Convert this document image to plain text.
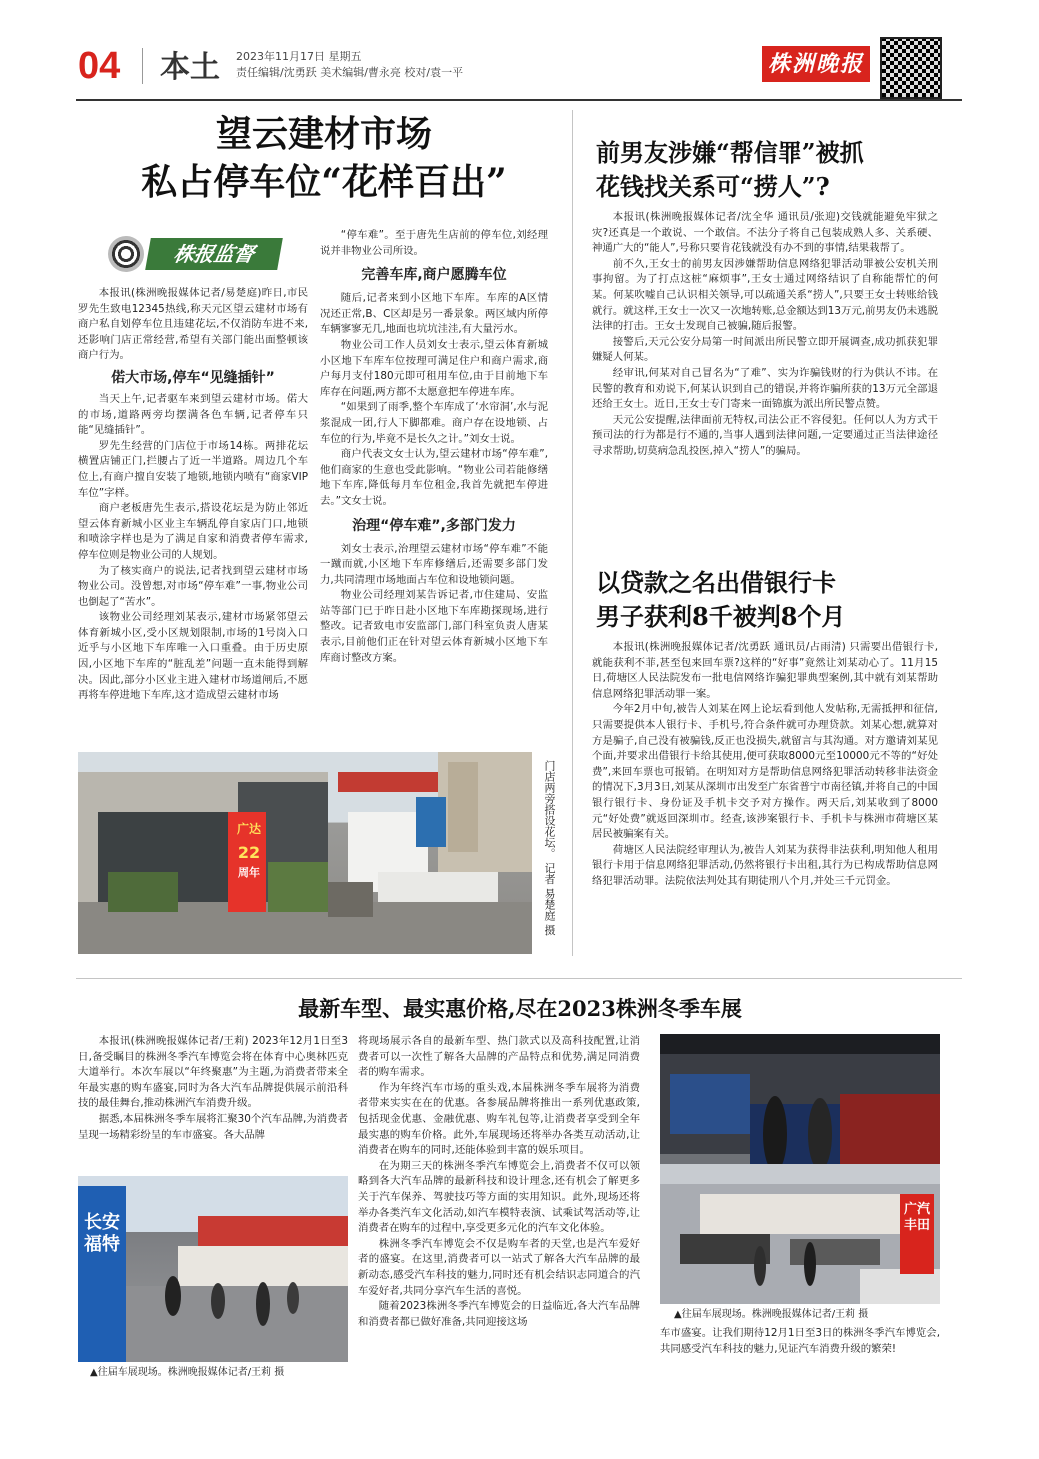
04 本土 2023年11月17日 星期五
责任编辑/沈勇跃 美术编辑/曹永亮 校对/袁一平	株洲晚报
望云建材市场
私占停车位“花样百出”
株报监督

本报讯(株洲晚报媒体记者/易楚庭)昨日,市民罗先生致电12345热线,称天元区望云建材市场有商户私自划停车位且违建花坛,不仅消防车进不来,还影响门店正常经营,希望有关部门能出面整顿该商户行为。

偌大市场,停车“见缝插针”

当天上午,记者驱车来到望云建材市场。偌大的市场,道路两旁均摆满各色车辆,记者停车只能“见缝插针”。

罗先生经营的门店位于市场14栋。两排花坛横置店铺正门,拦腰占了近一半道路。周边几个车位上,有商户擅自安装了地锁,地锁内喷有“商家VIP车位”字样。

商户老板唐先生表示,搭设花坛是为防止邻近望云体育新城小区业主车辆乱停自家店门口,地锁和喷涂字样也是为了满足自家和消费者停车需求,停车位则是物业公司的人规划。

为了核实商户的说法,记者找到望云建材市场物业公司。没曾想,对市场“停车难”一事,物业公司也倒起了“苦水”。

该物业公司经理刘某表示,建材市场紧邻望云体育新城小区,受小区规划限制,市场的1号岗入口近乎与小区地下车库唯一入口重叠。由于历史原因,小区地下车库的“脏乱差”问题一直未能得到解决。因此,部分小区业主进入建材市场道闸后,不愿再将车停进地下车库,这才造成望云建材市场

“停车难”。至于唐先生店前的停车位,刘经理说并非物业公司所设。

完善车库,商户愿腾车位

随后,记者来到小区地下车库。车库的A区情况还正常,B、C区却是另一番景象。两区域内所停车辆寥寥无几,地面也坑坑洼洼,有大量污水。

物业公司工作人员刘女士表示,望云体育新城小区地下车库车位按理可满足住户和商户需求,商户每月支付180元即可租用车位,由于目前地下车库存在问题,两方都不太愿意把车停进车库。

“如果到了雨季,整个车库成了‘水帘洞’,水与泥浆混成一团,行人下脚都难。商户存在设地锁、占车位的行为,毕竟不是长久之计。”刘女士说。

商户代表文女士认为,望云建材市场“停车难”,他们商家的生意也受此影响。“物业公司若能修缮地下车库,降低每月车位租金,我首先就把车停进去。”文女士说。

治理“停车难”,多部门发力

刘女士表示,治理望云建材市场“停车难”不能一蹴而就,小区地下车库修缮后,还需要多部门发力,共同清理市场地面占车位和设地锁问题。

物业公司经理刘某告诉记者,市住建局、安监站等部门已于昨日赴小区地下车库勘探现场,进行整改。记者致电市安监部门,部门科室负责人唐某表示,目前他们正在针对望云体育新城小区地下车库商讨整改方案。

广达
22
周年	门店两旁搭设花坛。 记者 易楚庭 摄
前男友涉嫌“帮信罪”被抓
花钱找关系可“捞人”?

本报讯(株洲晚报媒体记者/沈全华 通讯员/张迎)交钱就能避免牢狱之灾?还真是一个敢说、一个敢信。不法分子将自己包装成熟人多、关系硬、神通广大的“能人”,号称只要肯花钱就没有办不到的事情,结果栽帮了。

前不久,王女士的前男友因涉嫌帮助信息网络犯罪活动罪被公安机关刑事拘留。为了打点这桩“麻烦事”,王女士通过网络结识了自称能帮忙的何某。何某吹嘘自己认识相关领导,可以疏通关系“捞人”,只要王女士转账给钱就行。就这样,王女士一次又一次地转账,总金额达到13万元,前男友仍未逃脱法律的打击。王女士发现自己被骗,随后报警。

接警后,天元公安分局第一时间派出所民警立即开展调查,成功抓获犯罪嫌疑人何某。

经审讯,何某对自己冒名为“了难”、实为诈骗钱财的行为供认不讳。在民警的教育和劝说下,何某认识到自己的错误,并将诈骗所获的13万元全部退还给王女士。近日,王女士专门寄来一面锦旗为派出所民警点赞。

天元公安提醒,法律面前无特权,司法公正不容侵犯。任何以人为方式干预司法的行为都是行不通的,当事人遇到法律问题,一定要通过正当法律途径寻求帮助,切莫病急乱投医,掉入“捞人”的骗局。

以贷款之名出借银行卡
男子获利8千被判8个月

本报讯(株洲晚报媒体记者/沈勇跃 通讯员/占雨清) 只需要出借银行卡,就能获利不菲,甚至包来回车票?这样的“好事”竟然让刘某动心了。11月15日,荷塘区人民法院发布一批电信网络诈骗犯罪典型案例,其中就有刘某帮助信息网络犯罪活动罪一案。

今年2月中旬,被告人刘某在网上论坛看到他人发帖称,无需抵押和征信,只需要提供本人银行卡、手机号,符合条件就可办理贷款。刘某心想,就算对方是骗子,自己没有被骗钱,反正也没损失,就留言与其沟通。对方邀请刘某见个面,并要求出借银行卡给其使用,便可获取8000元至10000元不等的“好处费”,来回车票也可报销。在明知对方是帮助信息网络犯罪活动转移非法资金的情况下,3月3日,刘某从深圳市出发至广东省普宁市南径镇,并将自己的中国银行银行卡、身份证及手机卡交予对方操作。两天后,刘某收到了8000元“好处费”就返回深圳市。经查,该涉案银行卡、手机卡与株洲市荷塘区某居民被骗案有关。

荷塘区人民法院经审理认为,被告人刘某为获得非法获利,明知他人租用银行卡用于信息网络犯罪活动,仍然将银行卡出租,其行为已构成帮助信息网络犯罪活动罪。法院依法判处其有期徒刑八个月,并处三千元罚金。

最新车型、最实惠价格,尽在2023株洲冬季车展

本报讯(株洲晚报媒体记者/王莉) 2023年12月1日至3日,备受瞩目的株洲冬季汽车博览会将在体育中心奥林匹克大道举行。本次车展以“年终聚惠”为主题,为消费者带来全年最实惠的购车盛宴,同时为各大汽车品牌提供展示前沿科技的最佳舞台,推动株洲汽车消费升级。

据悉,本届株洲冬季车展将汇聚30个汽车品牌,为消费者呈现一场精彩纷呈的车市盛宴。各大品牌

长安福特
▲往届车展现场。株洲晚报媒体记者/王莉 摄

将现场展示各自的最新车型、热门款式以及高科技配置,让消费者可以一次性了解各大品牌的产品特点和优势,满足同消费者的购车需求。

作为年终汽车市场的重头戏,本届株洲冬季车展将为消费者带来实实在在的优惠。各参展品牌将推出一系列优惠政策,包括现金优惠、金融优惠、购车礼包等,让消费者享受到全年最实惠的购车价格。此外,车展现场还将举办各类互动活动,让消费者在购车的同时,还能体验到丰富的娱乐项目。

在为期三天的株洲冬季汽车博览会上,消费者不仅可以领略到各大汽车品牌的最新科技和设计理念,还有机会了解更多关于汽车保养、驾驶技巧等方面的实用知识。此外,现场还将举办各类汽车文化活动,如汽车模特表演、试乘试驾活动等,让消费者在购车的过程中,享受更多元化的汽车文化体验。

株洲冬季汽车博览会不仅是购车者的天堂,也是汽车爱好者的盛宴。在这里,消费者可以一站式了解各大汽车品牌的最新动态,感受汽车科技的魅力,同时还有机会结识志同道合的汽车爱好者,共同分享汽车生活的喜悦。

随着2023株洲冬季汽车博览会的日益临近,各大汽车品牌和消费者都已做好准备,共同迎接这场

广汽丰田
▲往届车展现场。株洲晚报媒体记者/王莉 摄

车市盛宴。让我们期待12月1日至3日的株洲冬季汽车博览会,共同感受汽车科技的魅力,见证汽车消费升级的繁荣!
